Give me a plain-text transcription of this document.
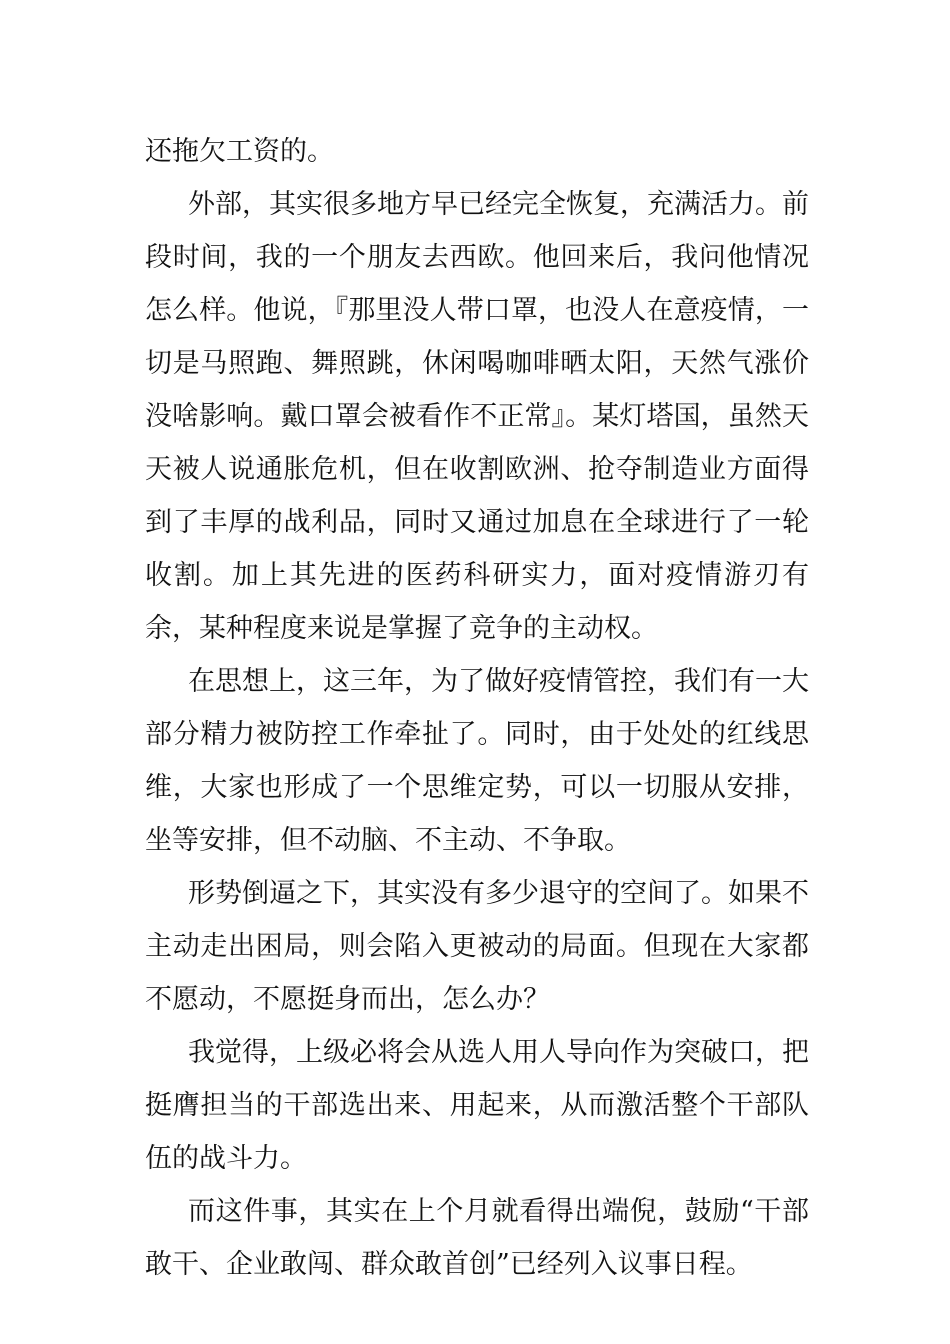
还拖欠工资的。

外部，其实很多地方早已经完全恢复，充满活力。前段时间，我的一个朋友去西欧。他回来后，我问他情况怎么样。他说，『那里没人带口罩，也没人在意疫情，一切是马照跑、舞照跳，休闲喝咖啡晒太阳，天然气涨价没啥影响。戴口罩会被看作不正常』。某灯塔国，虽然天天被人说通胀危机，但在收割欧洲、抢夺制造业方面得到了丰厚的战利品，同时又通过加息在全球进行了一轮收割。加上其先进的医药科研实力，面对疫情游刃有余，某种程度来说是掌握了竞争的主动权。

在思想上，这三年，为了做好疫情管控，我们有一大部分精力被防控工作牵扯了。同时，由于处处的红线思维，大家也形成了一个思维定势，可以一切服从安排，坐等安排，但不动脑、不主动、不争取。

形势倒逼之下，其实没有多少退守的空间了。如果不主动走出困局，则会陷入更被动的局面。但现在大家都不愿动，不愿挺身而出，怎么办？

我觉得，上级必将会从选人用人导向作为突破口，把挺膺担当的干部选出来、用起来，从而激活整个干部队伍的战斗力。

而这件事，其实在上个月就看得出端倪，鼓励“干部敢干、企业敢闯、群众敢首创”已经列入议事日程。
